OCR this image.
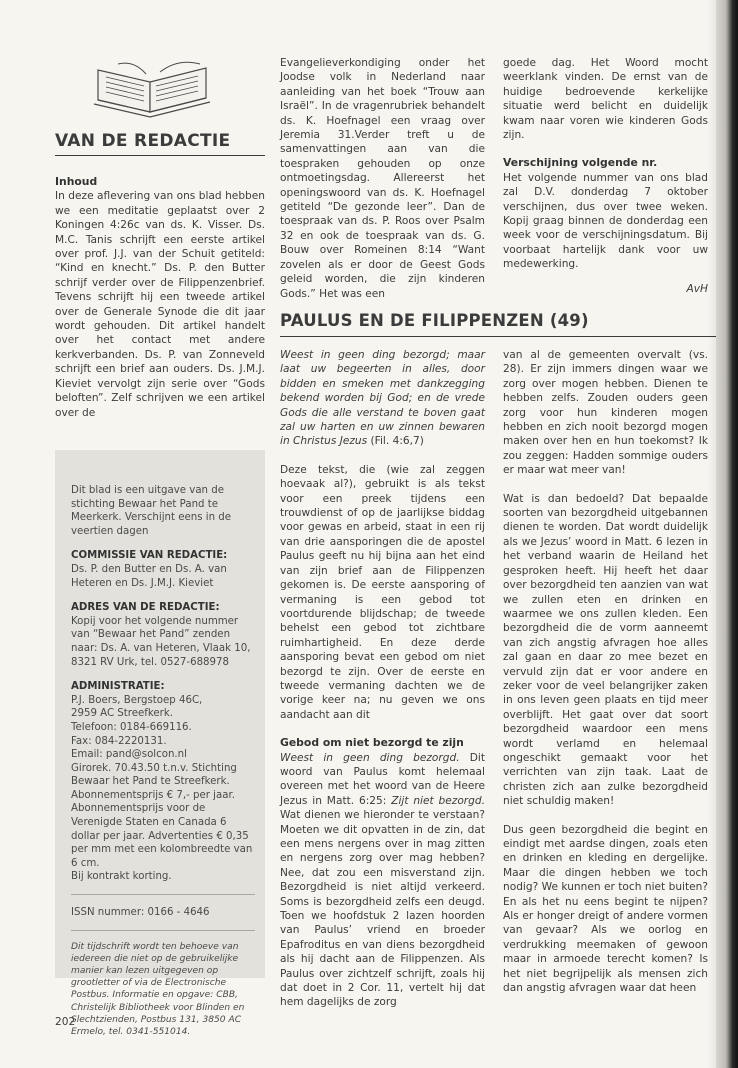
VAN DE REDACTIE
Inhoud

In deze aflevering van ons blad hebben we een meditatie geplaatst over 2 Koningen 4:26c van ds. K. Visser. Ds. M.C. Tanis schrijft een eerste artikel over prof. J.J. van der Schuit getiteld: “Kind en knecht.” Ds. P. den Butter schrijf verder over de Filippenzenbrief. Tevens schrijft hij een tweede artikel over de Generale Synode die dit jaar wordt gehouden. Dit artikel handelt over het contact met andere kerkverbanden. Ds. P. van Zonneveld schrijft een brief aan ouders. Ds. J.M.J. Kieviet vervolgt zijn serie over “Gods beloften”. Zelf schrijven we een artikel over de

Evangelieverkondiging onder het Joodse volk in Nederland naar aanleiding van het boek “Trouw aan Israël”. In de vragenrubriek behandelt ds. K. Hoefnagel een vraag over Jeremia 31.Verder treft u de samenvattingen aan van die toespraken gehouden op onze ontmoetingsdag. Allereerst het openingswoord van ds. K. Hoefnagel getiteld “De gezonde leer”. Dan de toespraak van ds. P. Roos over Psalm 32 en ook de toespraak van ds. G. Bouw over Romeinen 8:14 “Want zovelen als er door de Geest Gods geleid worden, die zijn kinderen Gods.” Het was een

goede dag. Het Woord mocht weerklank vinden. De ernst van de huidige bedroevende kerkelijke situatie werd belicht en duidelijk kwam naar voren wie kinderen Gods zijn.

Verschijning volgende nr.

Het volgende nummer van ons blad zal D.V. donderdag 7 oktober verschijnen, dus over twee weken. Kopij graag binnen de donderdag een week voor de verschijningsdatum. Bij voorbaat hartelijk dank voor uw medewerking.

AvH

Dit blad is een uitgave van de stichting Bewaar het Pand te Meerkerk. Verschijnt eens in de veertien dagen

COMMISSIE VAN REDACTIE:

Ds. P. den Butter en Ds. A. van Heteren en Ds. J.M.J. Kieviet

ADRES VAN DE REDACTIE:

Kopij voor het volgende nummer van “Bewaar het Pand” zenden naar: Ds. A. van Heteren, Vlaak 10, 8321 RV Urk, tel. 0527-688978

ADMINISTRATIE:

P.J. Boers, Bergstoep 46C,

2959 AC Streefkerk.

Telefoon: 0184-669116.

Fax: 084-2220131.

Email: pand@solcon.nl

Girorek. 70.43.50 t.n.v. Stichting Bewaar het Pand te Streefkerk.

Abonnementsprijs € 7,- per jaar.

Abonnementsprijs voor de Verenigde Staten en Canada 6 dollar per jaar. Advertenties € 0,35 per mm met een kolombreedte van 6 cm.

Bij kontrakt korting.

ISSN nummer: 0166 - 4646

Dit tijdschrift wordt ten behoeve van iedereen die niet op de gebruikelijke manier kan lezen uitgegeven op grootletter of via de Electronische Postbus. Informatie en opgave: CBB, Christelijk Bibliotheek voor Blinden en Slechtzienden, Postbus 131, 3850 AC Ermelo, tel. 0341-551014.

202
PAULUS EN DE FILIPPENZEN (49)

Weest in geen ding bezorgd; maar laat uw begeerten in alles, door bidden en smeken met dankzegging bekend worden bij God; en de vrede Gods die alle verstand te boven gaat zal uw harten en uw zinnen bewaren in Christus Jezus (Fil. 4:6,7)

Deze tekst, die (wie zal zeggen hoevaak al?), gebruikt is als tekst voor een preek tijdens een trouwdienst of op de jaarlijkse biddag voor gewas en arbeid, staat in een rij van drie aansporingen die de apostel Paulus geeft nu hij bijna aan het eind van zijn brief aan de Filippenzen gekomen is. De eerste aansporing of vermaning is een gebod tot voortdurende blijdschap; de tweede behelst een gebod tot zichtbare ruimhartigheid. En deze derde aansporing bevat een gebod om niet bezorgd te zijn. Over de eerste en tweede vermaning dachten we de vorige keer na; nu geven we ons aandacht aan dit

Gebod om niet bezorgd te zijn

Weest in geen ding bezorgd. Dit woord van Paulus komt helemaal overeen met het woord van de Heere Jezus in Matt. 6:25: Zijt niet bezorgd. Wat dienen we hieronder te verstaan? Moeten we dit opvatten in de zin, dat een mens nergens over in mag zitten en nergens zorg over mag hebben? Nee, dat zou een misverstand zijn. Bezorgdheid is niet altijd verkeerd. Soms is bezorgdheid zelfs een deugd. Toen we hoofdstuk 2 lazen hoorden van Paulus’ vriend en broeder Epafroditus en van diens bezorgdheid als hij dacht aan de Filippenzen. Als Paulus over zichtzelf schrijft, zoals hij dat doet in 2 Cor. 11, vertelt hij dat hem dagelijks de zorg

van al de gemeenten overvalt (vs. 28). Er zijn immers dingen waar we zorg over mogen hebben. Dienen te hebben zelfs. Zouden ouders geen zorg voor hun kinderen mogen hebben en zich nooit bezorgd mogen maken over hen en hun toekomst? Ik zou zeggen: Hadden sommige ouders er maar wat meer van!

Wat is dan bedoeld? Dat bepaalde soorten van bezorgdheid uitgebannen dienen te worden. Dat wordt duidelijk als we Jezus’ woord in Matt. 6 lezen in het verband waarin de Heiland het gesproken heeft. Hij heeft het daar over bezorgdheid ten aanzien van wat we zullen eten en drinken en waarmee we ons zullen kleden. Een bezorgdheid die de vorm aanneemt van zich angstig afvragen hoe alles zal gaan en daar zo mee bezet en vervuld zijn dat er voor andere en zeker voor de veel belangrijker zaken in ons leven geen plaats en tijd meer overblijft. Het gaat over dat soort bezorgdheid waardoor een mens wordt verlamd en helemaal ongeschikt gemaakt voor het verrichten van zijn taak. Laat de christen zich aan zulke bezorgdheid niet schuldig maken!

Dus geen bezorgdheid die begint en eindigt met aardse dingen, zoals eten en drinken en kleding en dergelijke. Maar die dingen hebben we toch nodig? We kunnen er toch niet buiten? En als het nu eens begint te nijpen? Als er honger dreigt of andere vormen van gevaar? Als we oorlog en verdrukking meemaken of gewoon maar in armoede terecht komen? Is het niet begrijpelijk als mensen zich dan angstig afvragen waar dat heen
